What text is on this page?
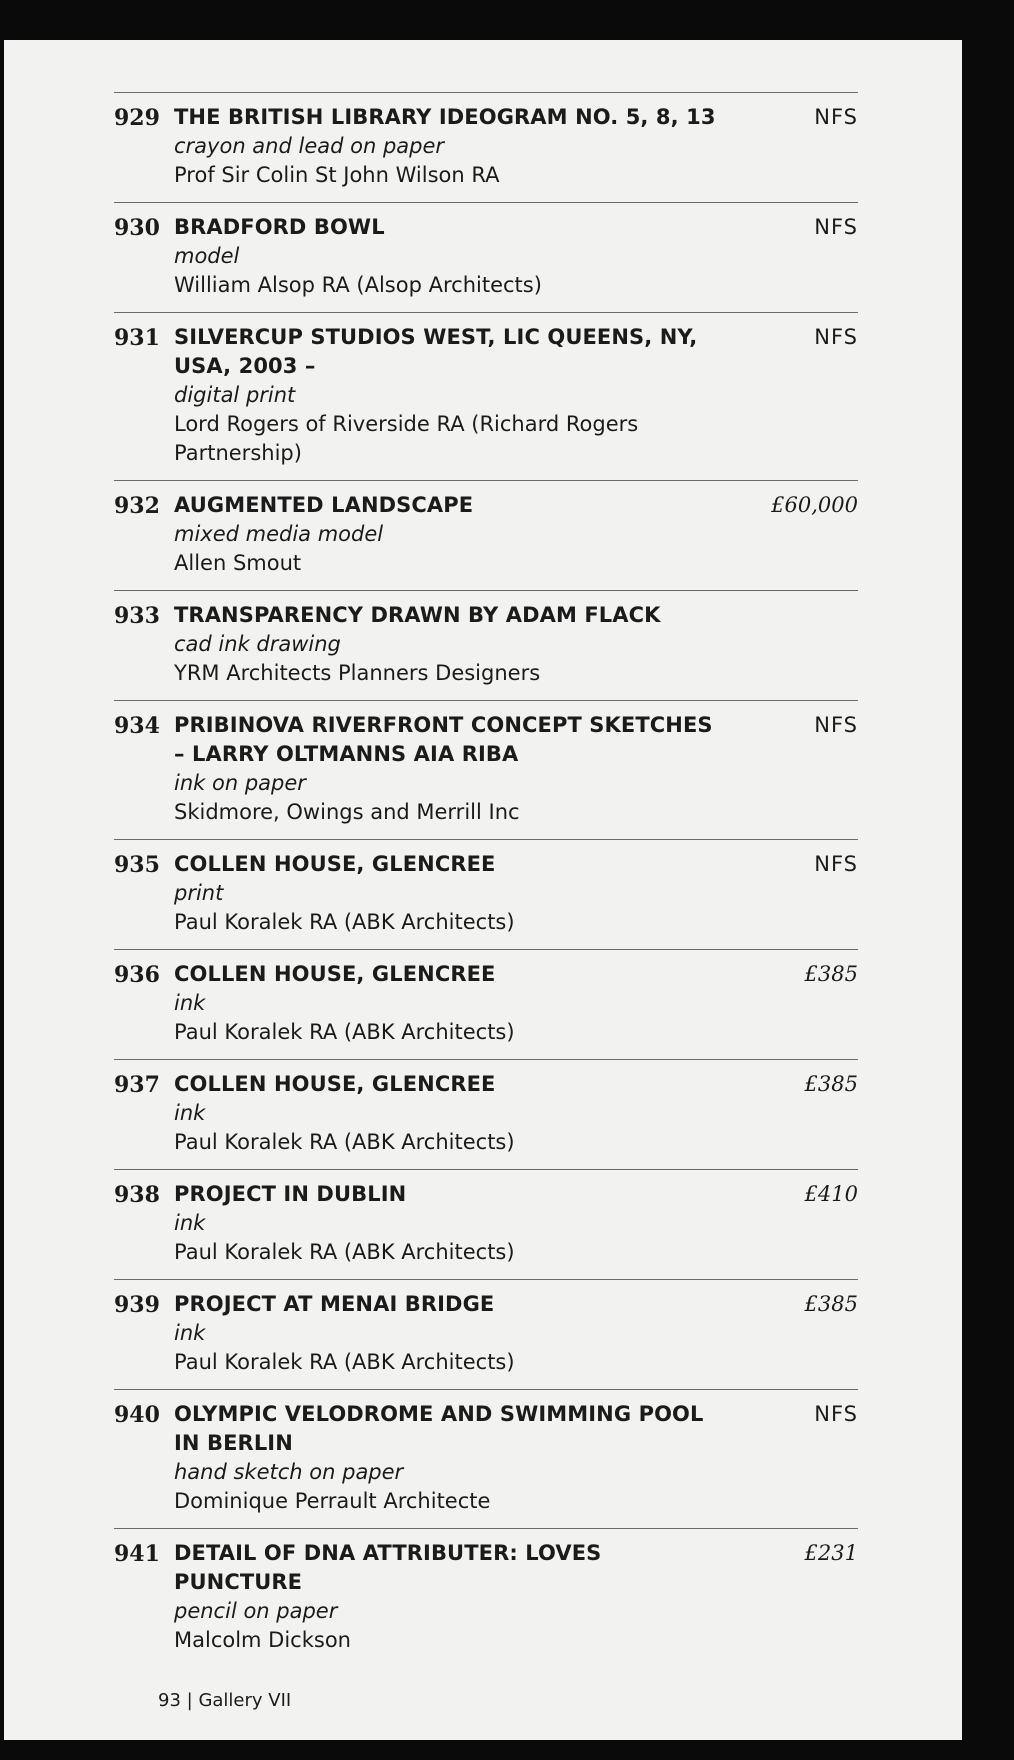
929 THE BRITISH LIBRARY IDEOGRAM NO. 5, 8, 13
crayon and lead on paper
Prof Sir Colin St John Wilson RA
NFS
930 BRADFORD BOWL
model
William Alsop RA (Alsop Architects)
NFS
931 SILVERCUP STUDIOS WEST, LIC QUEENS, NY, USA, 2003 –
digital print
Lord Rogers of Riverside RA (Richard Rogers Partnership)
NFS
932 AUGMENTED LANDSCAPE
mixed media model
Allen Smout
£60,000
933 TRANSPARENCY DRAWN BY ADAM FLACK
cad ink drawing
YRM Architects Planners Designers
934 PRIBINOVA RIVERFRONT CONCEPT SKETCHES – LARRY OLTMANNS AIA RIBA
ink on paper
Skidmore, Owings and Merrill Inc
NFS
935 COLLEN HOUSE, GLENCREE
print
Paul Koralek RA (ABK Architects)
NFS
936 COLLEN HOUSE, GLENCREE
ink
Paul Koralek RA (ABK Architects)
£385
937 COLLEN HOUSE, GLENCREE
ink
Paul Koralek RA (ABK Architects)
£385
938 PROJECT IN DUBLIN
ink
Paul Koralek RA (ABK Architects)
£410
939 PROJECT AT MENAI BRIDGE
ink
Paul Koralek RA (ABK Architects)
£385
940 OLYMPIC VELODROME AND SWIMMING POOL IN BERLIN
hand sketch on paper
Dominique Perrault Architecte
NFS
941 DETAIL OF DNA ATTRIBUTER: LOVES PUNCTURE
pencil on paper
Malcolm Dickson
£231
93 | Gallery VII
